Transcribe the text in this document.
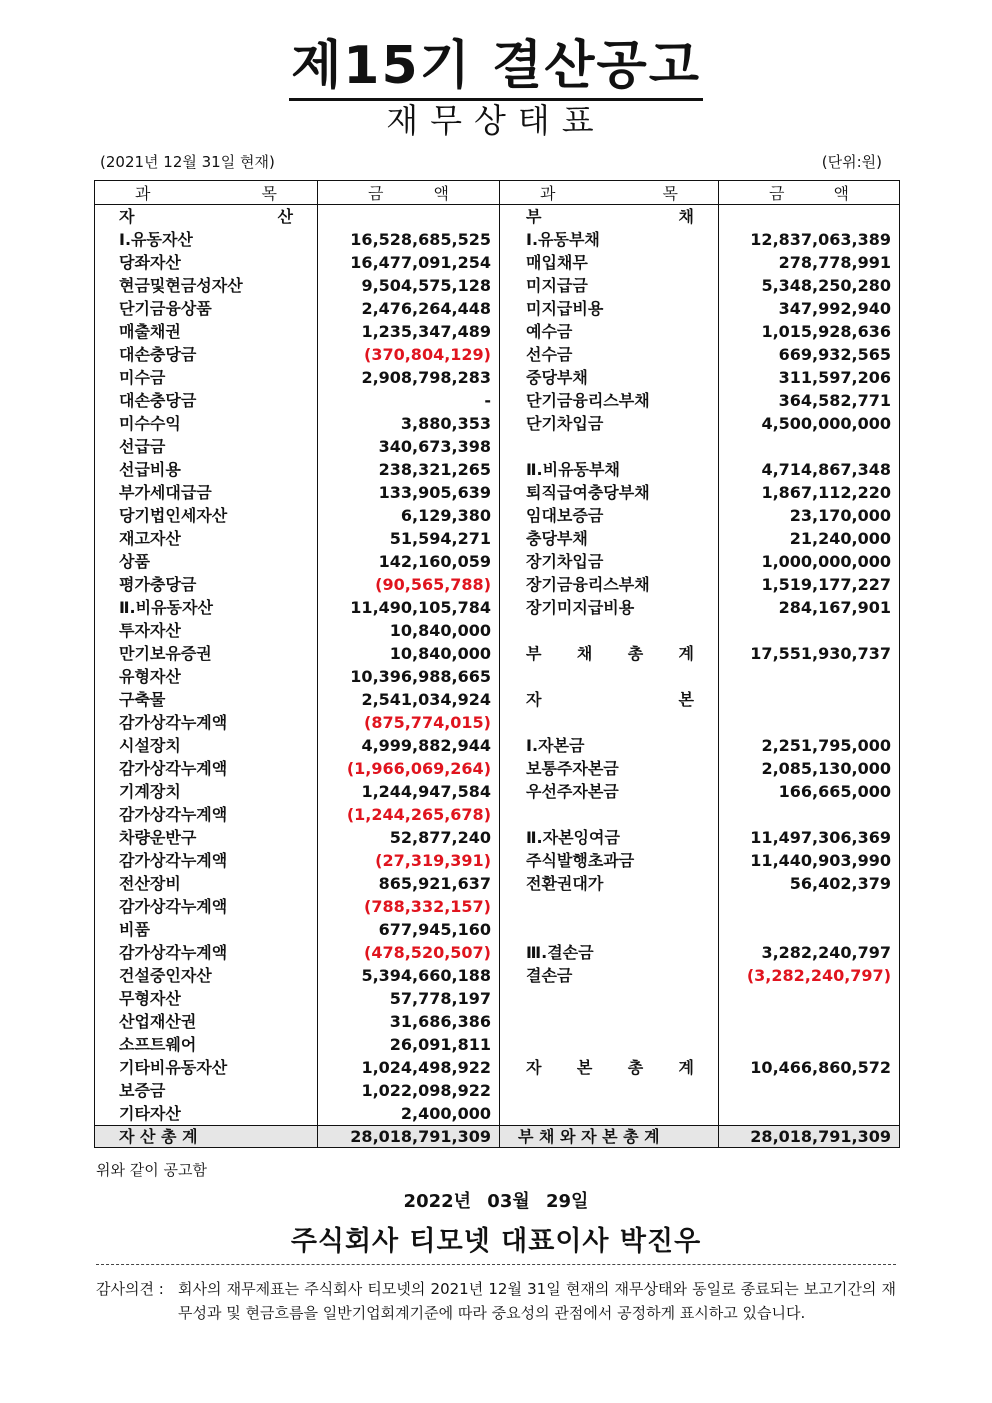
제15기 결산공고
재무상태표
(2021년 12월 31일 현재)	(단위:원)
과 목	금 액	과 목	금 액

자 산		부 채	

Ⅰ.유동자산	16,528,685,525	Ⅰ.유동부채	12,837,063,389
당좌자산	16,477,091,254	매입채무	278,778,991
현금및현금성자산	9,504,575,128	미지급금	5,348,250,280
단기금융상품	2,476,264,448	미지급비용	347,992,940
매출채권	1,235,347,489	예수금	1,015,928,636
대손충당금	(370,804,129)	선수금	669,932,565
미수금	2,908,798,283	중당부채	311,597,206
대손충당금	-	단기금융리스부채	364,582,771
미수수익	3,880,353	단기차입금	4,500,000,000
선급금	340,673,398		
선급비용	238,321,265	Ⅱ.비유동부채	4,714,867,348
부가세대급금	133,905,639	퇴직급여충당부채	1,867,112,220
당기법인세자산	6,129,380	임대보증금	23,170,000
재고자산	51,594,271	충당부채	21,240,000
상품	142,160,059	장기차입금	1,000,000,000
평가충당금	(90,565,788)	장기금융리스부채	1,519,177,227
Ⅱ.비유동자산	11,490,105,784	장기미지급비용	284,167,901
투자자산	10,840,000		
만기보유증권	10,840,000	부 채 총 계	17,551,930,737
유형자산	10,396,988,665		
구축물	2,541,034,924	자 본	

감가상각누계액	(875,774,015)		
시설장치	4,999,882,944	Ⅰ.자본금	2,251,795,000
감가상각누계액	(1,966,069,264)	보통주자본금	2,085,130,000
기계장치	1,244,947,584	우선주자본금	166,665,000
감가상각누계액	(1,244,265,678)		
차량운반구	52,877,240	Ⅱ.자본잉여금	11,497,306,369
감가상각누계액	(27,319,391)	주식발행초과금	11,440,903,990
전산장비	865,921,637	전환권대가	56,402,379
감가상각누계액	(788,332,157)		
비품	677,945,160		
감가상각누계액	(478,520,507)	Ⅲ.결손금	3,282,240,797
건설중인자산	5,394,660,188	결손금	(3,282,240,797)
무형자산	57,778,197		
산업재산권	31,686,386		
소프트웨어	26,091,811		
기타비유동자산	1,024,498,922	자 본 총 계	10,466,860,572
보증금	1,022,098,922		
기타자산	2,400,000		

자 산 총 계	28,018,791,309	부 채 와 자 본 총 계	28,018,791,309
위와 같이 공고함
2022년 03월 29일
주식회사 티모넷 대표이사 박진우
감사의견 : 회사의 재무제표는 주식회사 티모넷의 2021년 12월 31일 현재의 재무상태와 동일로 종료되는 보고기간의 재무성과 및 현금흐름을 일반기업회계기준에 따라 중요성의 관점에서 공정하게 표시하고 있습니다.
